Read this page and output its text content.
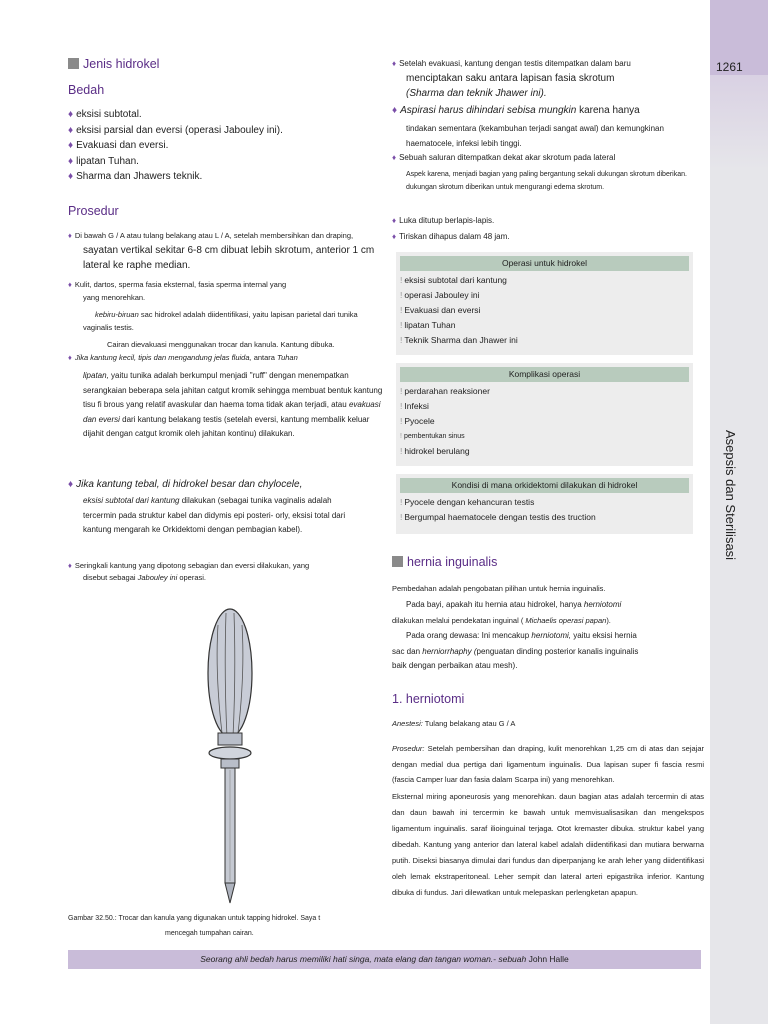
1261
Asepsis dan Sterilisasi
Jenis hidrokel
Bedah
♦ eksisi subtotal.
♦ eksisi parsial dan eversi (operasi Jabouley ini).
♦ Evakuasi dan eversi.
♦ lipatan Tuhan.
♦ Sharma dan Jhawers teknik.
Prosedur
♦ Di bawah G / A atau tulang belakang atau L / A, setelah membersihkan dan draping,
sayatan vertikal sekitar 6-8 cm dibuat lebih skrotum, anterior 1 cm lateral ke raphe median.
♦ Kulit, dartos, sperma fasia eksternal, fasia sperma internal yang
yang menorehkan.
kebiru-biruan sac hidrokel adalah diidentifikasi, yaitu lapisan parietal dari tunika vaginalis testis.
Cairan dievakuasi menggunakan trocar dan kanula. Kantung dibuka.
♦ Jika kantung kecil, tipis dan mengandung jelas fluida, antara Tuhan
lipatan, yaitu tunika adalah berkumpul menjadi "ruff" dengan menempatkan serangkaian beberapa sela jahitan catgut kromik sehingga membuat bentuk kantung tisu fi brous yang relatif avaskular dan haema toma tidak akan terjadi, atau evakuasi dan eversi dari kantung belakang testis (setelah eversi, kantung membalik keluar dijahit dengan catgut kromik oleh jahitan kontinu) dilakukan.
♦ Jika kantung tebal, di hidrokel besar dan chylocele,
eksisi subtotal dari kantung dilakukan (sebagai tunika vaginalis adalah tercermin pada struktur kabel dan didymis epi posteri- orly, eksisi total dari kantung mengarah ke Orkidektomi dengan pembagian kabel).
♦ Seringkali kantung yang dipotong sebagian dan eversi dilakukan, yang
disebut sebagai Jabouley ini operasi.
Gambar 32.50.: Trocar dan kanula yang digunakan untuk tapping hidrokel. Saya t
mencegah tumpahan cairan.
♦ Setelah evakuasi, kantung dengan testis ditempatkan dalam baru
menciptakan saku antara lapisan fasia skrotum
(Sharma dan teknik Jhawer ini).
♦ Aspirasi harus dihindari sebisa mungkin karena hanya
tindakan sementara (kekambuhan terjadi sangat awal) dan kemungkinan haematocele, infeksi lebih tinggi.
♦ Sebuah saluran ditempatkan dekat akar skrotum pada lateral
Aspek karena, menjadi bagian yang paling bergantung sekali dukungan skrotum diberikan. dukungan skrotum diberikan untuk mengurangi edema skrotum.
♦ Luka ditutup berlapis-lapis.
♦ Tiriskan dihapus dalam 48 jam.
Operasi untuk hidrokel
! eksisi subtotal dari kantung
! operasi Jabouley ini
! Evakuasi dan eversi
! lipatan Tuhan
! Teknik Sharma dan Jhawer ini
Komplikasi operasi
! perdarahan reaksioner
! Infeksi
! Pyocele
! pembentukan sinus
! hidrokel berulang
Kondisi di mana orkidektomi dilakukan di hidrokel
! Pyocele dengan kehancuran testis
! Bergumpal haematocele dengan testis des truction
hernia inguinalis
Pembedahan adalah pengobatan pilihan untuk hernia inguinalis.
Pada bayi, apakah itu hernia atau hidrokel, hanya herniotomi
dilakukan melalui pendekatan inguinal ( Michaelis operasi papan).
Pada orang dewasa: Ini mencakup herniotomi, yaitu eksisi hernia
sac dan herniorrhaphy (penguatan dinding posterior kanalis inguinalis
baik dengan perbaikan atau mesh).
1. herniotomi
Anestesi: Tulang belakang atau G / A
Prosedur: Setelah pembersihan dan draping, kulit menorehkan 1,25 cm di atas dan sejajar dengan medial dua pertiga dari ligamentum inguinalis. Dua lapisan super fi fascia resmi (fascia Camper luar dan fasia dalam Scarpa ini) yang menorehkan.
Eksternal miring aponeurosis yang menorehkan. daun bagian atas adalah tercermin di atas dan daun bawah ini tercermin ke bawah untuk memvisualisasikan dan mengekspos ligamentum inguinalis. saraf ilioinguinal terjaga. Otot kremaster dibuka. struktur kabel yang dibedah. Kantung yang anterior dan lateral kabel adalah diidentifikasi dan mutiara berwarna putih. Diseksi biasanya dimulai dari fundus dan diperpanjang ke arah leher yang diidentifikasi oleh lemak ekstraperitoneal. Leher sempit dan lateral arteri epigastrika inferior. Kantung dibuka di fundus. Jari dilewatkan untuk melepaskan perlengketan apapun.
Seorang ahli bedah harus memiliki hati singa, mata elang dan tangan woman.- sebuah John Halle
